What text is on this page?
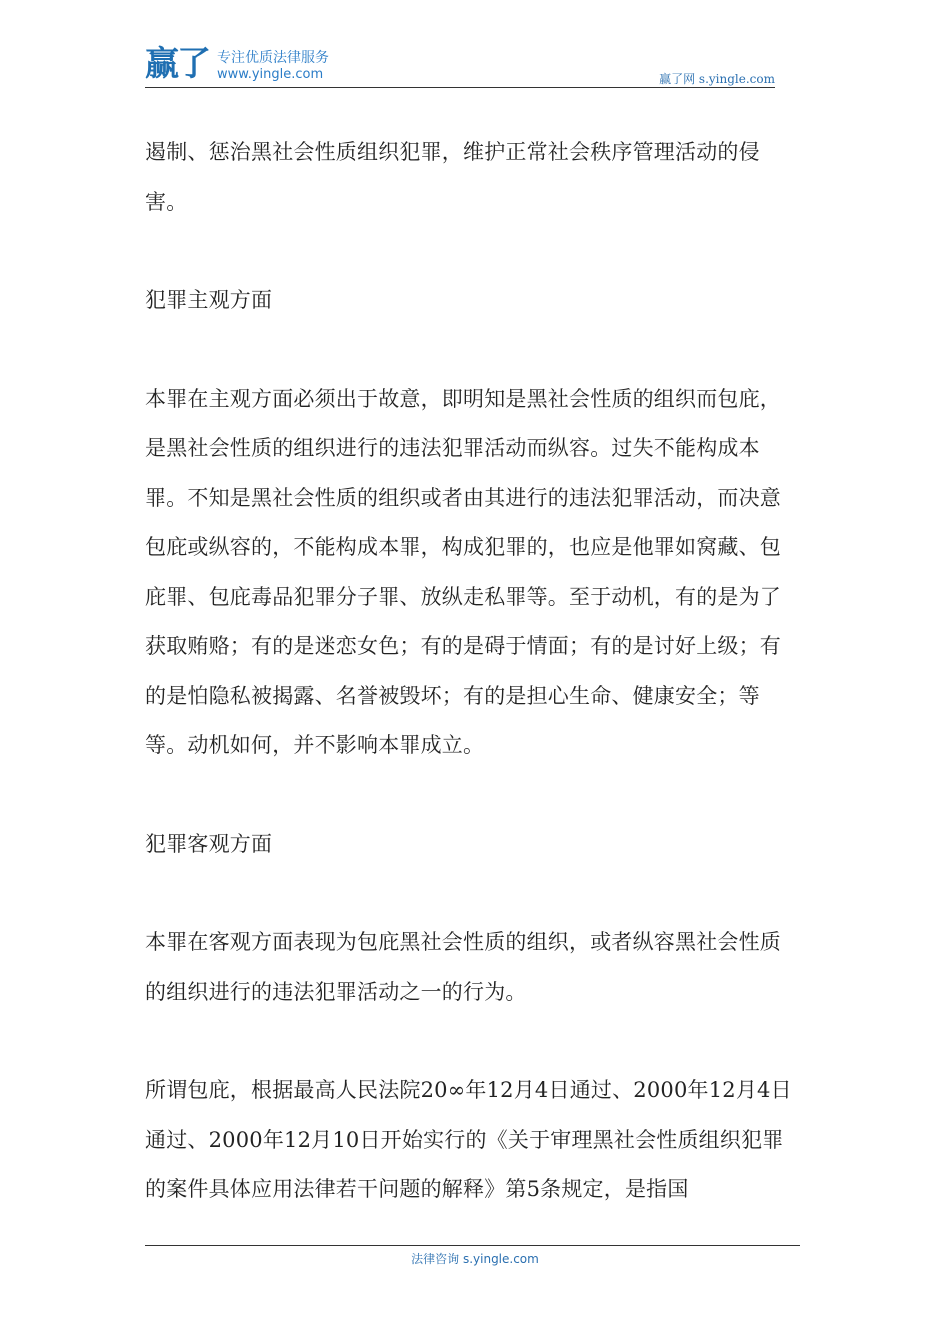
赢了 专注优质法律服务
www.yingle.com	赢了网 s.yingle.com

遏制、惩治黑社会性质组织犯罪，维护正常社会秩序管理活动的侵害。

犯罪主观方面

本罪在主观方面必须出于故意，即明知是黑社会性质的组织而包庇，是黑社会性质的组织进行的违法犯罪活动而纵容。过失不能构成本罪。不知是黑社会性质的组织或者由其进行的违法犯罪活动，而决意包庇或纵容的，不能构成本罪，构成犯罪的，也应是他罪如窝藏、包庇罪、包庇毒品犯罪分子罪、放纵走私罪等。至于动机，有的是为了获取贿赂；有的是迷恋女色；有的是碍于情面；有的是讨好上级；有的是怕隐私被揭露、名誉被毁坏；有的是担心生命、健康安全；等等。动机如何，并不影响本罪成立。

犯罪客观方面

本罪在客观方面表现为包庇黑社会性质的组织，或者纵容黑社会性质的组织进行的违法犯罪活动之一的行为。

所谓包庇，根据最高人民法院20∞年12月4日通过、2000年12月4日通过、2000年12月10日开始实行的《关于审理黑社会性质组织犯罪的案件具体应用法律若干问题的解释》第5条规定，是指国

法律咨询 s.yingle.com
